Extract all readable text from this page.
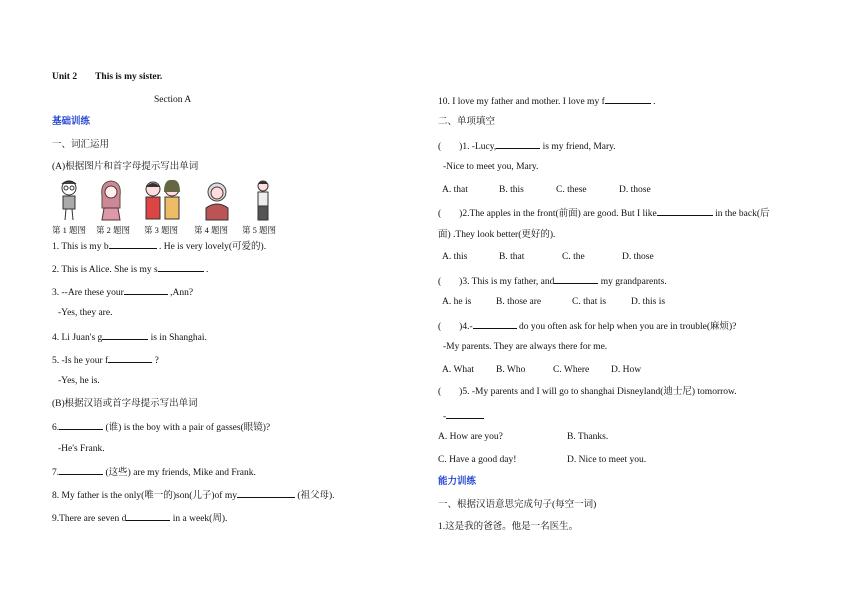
Unit 2 This is my sister.
Section A
基础训练
一、词汇运用
(A)根据图片和首字母提示写出单词
第 1 题图 第 2 题图 第 3 题图 第 4 题图 第 5 题图
1. This is my b	. He is very lovely(可爱的).
2. This is Alice. She is my s	.
3. --Are these your	,Ann?
-Yes, they are.
4. Li Juan's g	is in Shanghai.
5. -Is he your f	?
-Yes, he is.
(B)根据汉语或首字母提示写出单词
6.	(谁) is the boy with a pair of gasses(眼镜)?
-He's Frank.
7.	(这些) are my friends, Mike and Frank.
8. My father is the only(唯一的)son(儿子)of my	(祖父母).
9.There are seven d	in a week(周).
10. I love my father and mother. I love my f	.
二、单项填空
( )1. -Lucy,	is my friend, Mary.
-Nice to meet you, Mary.
A. that	B. this	C. these	D. those
( )2.The apples in the front(前面) are good. But I like	in the back(后
面) .They look better(更好的).
A. this	B. that	C. the	D. those
( )3. This is my father, and	my grandparents.
A. he is	B. those are	C. that is	D. this is
( )4.-	do you often ask for help when you are in trouble(麻烦)?
-My parents. They are always there for me.
A. What B. Who	C. Where D. How
( )5. -My parents and I will go to shanghai Disneyland(迪士尼) tomorrow.
-
A. How are you?	B. Thanks.
C. Have a good day!	D. Nice to meet you.
能力训练
一、根据汉语意思完成句子(每空一词)
1.这是我的爸爸。他是一名医生。
